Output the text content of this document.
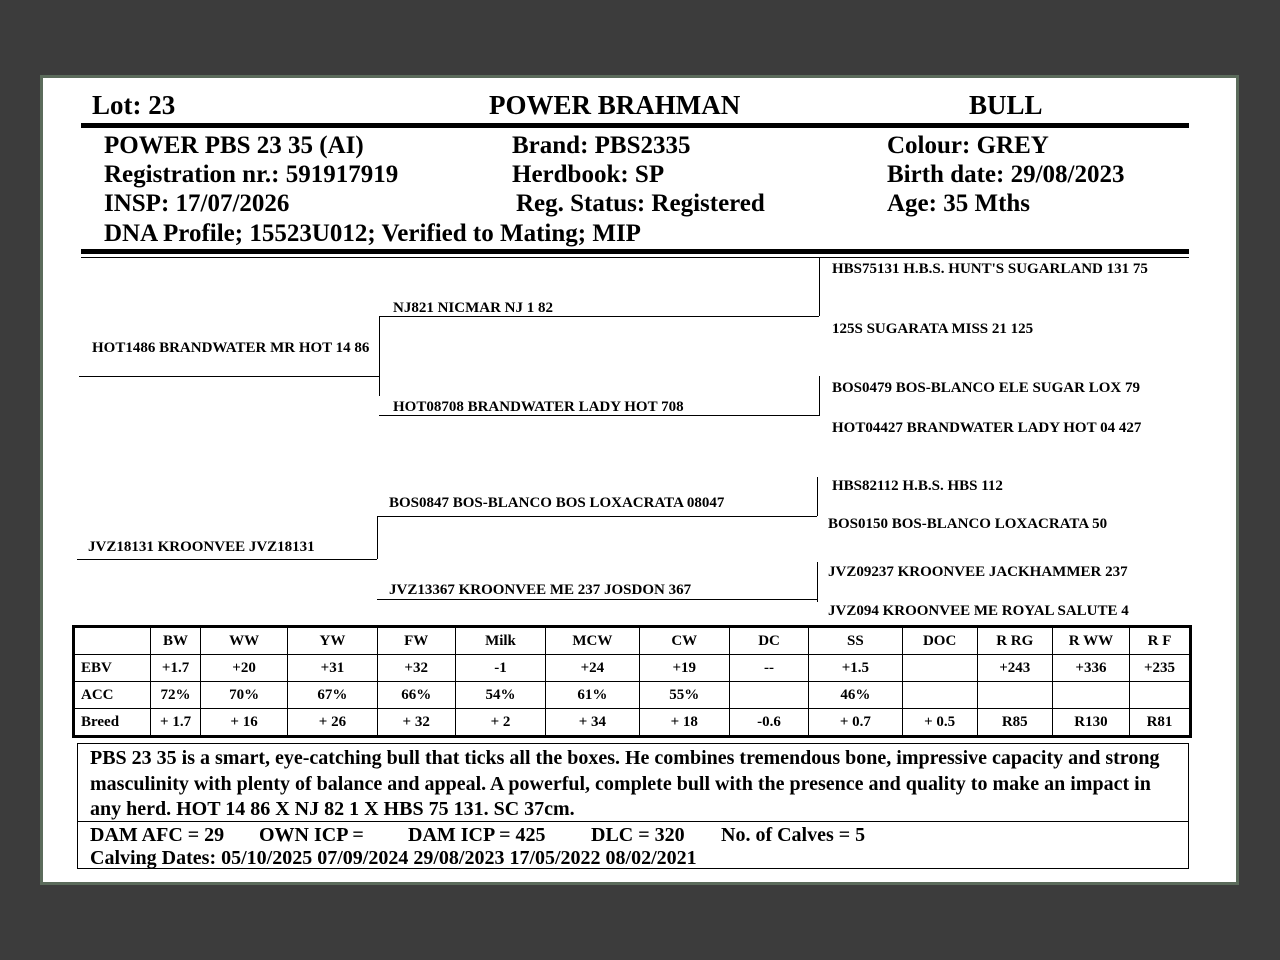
Lot: 23	POWER BRAHMAN	BULL
POWER PBS 23 35 (AI)
Registration nr.: 591917919
INSP: 17/07/2026
DNA Profile; 15523U012; Verified to Mating; MIP
Brand: PBS2335
Herdbook: SP
Reg. Status: Registered
Colour: GREY
Birth date: 29/08/2023
Age: 35 Mths
HOT1486 BRANDWATER MR HOT 14 86
JVZ18131 KROONVEE JVZ18131
NJ821 NICMAR NJ 1 82
HOT08708 BRANDWATER LADY HOT 708
BOS0847 BOS-BLANCO BOS LOXACRATA 08047
JVZ13367 KROONVEE ME 237 JOSDON 367
HBS75131 H.B.S. HUNT'S SUGARLAND 131 75
125S SUGARATA MISS 21 125
BOS0479 BOS-BLANCO ELE SUGAR LOX 79
HOT04427 BRANDWATER LADY HOT 04 427
HBS82112 H.B.S. HBS 112
BOS0150 BOS-BLANCO LOXACRATA 50
JVZ09237 KROONVEE JACKHAMMER 237
JVZ094 KROONVEE ME ROYAL SALUTE 4
	BW	WW	YW	FW	Milk	MCW	CW	DC	SS	DOC	R RG	R WW	R F
EBV	+1.7	+20	+31	+32	-1	+24	+19	--	+1.5		+243	+336	+235
ACC	72%	70%	67%	66%	54%	61%	55%		46%				
Breed	+ 1.7	+ 16	+ 26	+ 32	+ 2	+ 34	+ 18	-0.6	+ 0.7	+ 0.5	R85	R130	R81
PBS 23 35 is a smart, eye-catching bull that ticks all the boxes. He combines tremendous bone, impressive capacity and strong masculinity with plenty of balance and appeal. A powerful, complete bull with the presence and quality to make an impact in any herd. HOT 14 86 X NJ 82 1 X HBS 75 131. SC 37cm.
DAM AFC = 29 OWN ICP = DAM ICP = 425 DLC = 320 No. of Calves = 5
Calving Dates: 05/10/2025 07/09/2024 29/08/2023 17/05/2022 08/02/2021
